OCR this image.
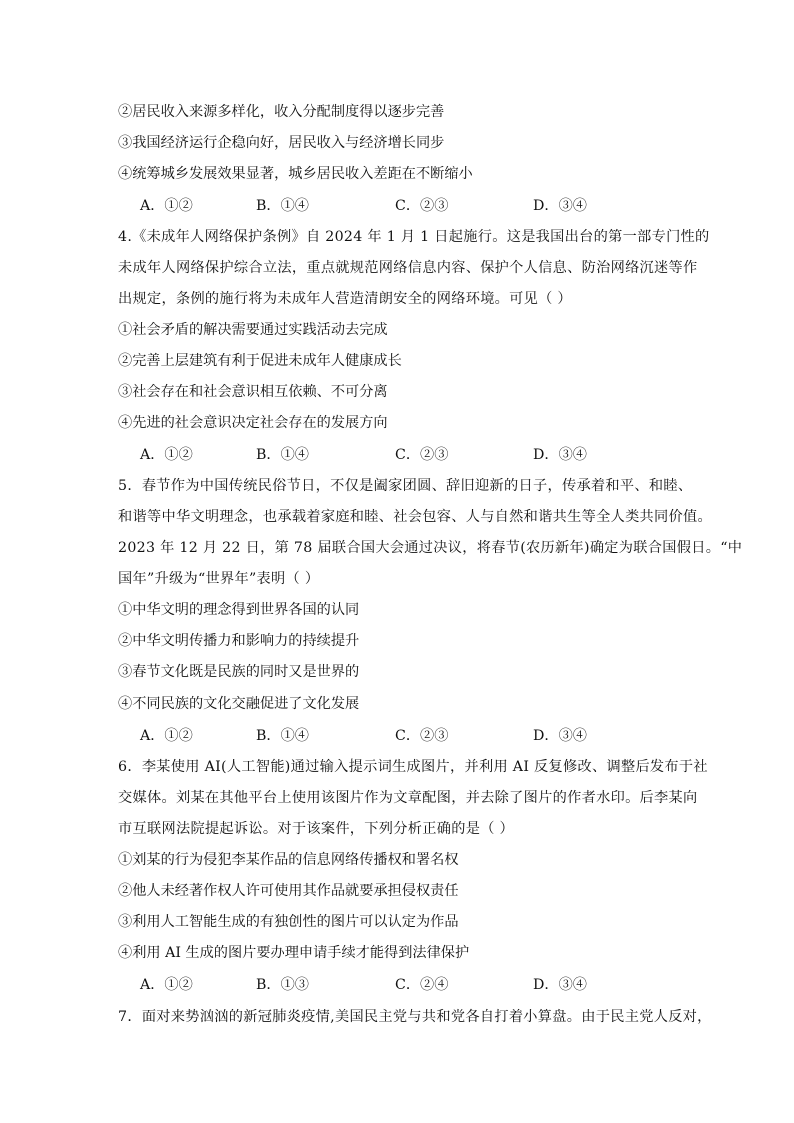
②居民收入来源多样化，收入分配制度得以逐步完善
③我国经济运行企稳向好，居民收入与经济增长同步
④统筹城乡发展效果显著，城乡居民收入差距在不断缩小
A．①②	B．①④	C．②③	D．③④
4.《未成年人网络保护条例》自 2024 年 1 月 1 日起施行。这是我国出台的第一部专门性的
未成年人网络保护综合立法，重点就规范网络信息内容、保护个人信息、防治网络沉迷等作
出规定，条例的施行将为未成年人营造清朗安全的网络环境。可见（ ）
①社会矛盾的解决需要通过实践活动去完成
②完善上层建筑有利于促进未成年人健康成长
③社会存在和社会意识相互依赖、不可分离
④先进的社会意识决定社会存在的发展方向
A．①②	B．①④	C．②③	D．③④
5．春节作为中国传统民俗节日，不仅是阖家团圆、辞旧迎新的日子，传承着和平、和睦、
和谐等中华文明理念，也承载着家庭和睦、社会包容、人与自然和谐共生等全人类共同价值。
2023 年 12 月 22 日，第 78 届联合国大会通过决议，将春节(农历新年)确定为联合国假日。“中
国年”升级为“世界年”表明（ ）
①中华文明的理念得到世界各国的认同
②中华文明传播力和影响力的持续提升
③春节文化既是民族的同时又是世界的
④不同民族的文化交融促进了文化发展
A．①②	B．①④	C．②③	D．③④
6．李某使用 AI(人工智能)通过输入提示词生成图片，并利用 AI 反复修改、调整后发布于社
交媒体。刘某在其他平台上使用该图片作为文章配图，并去除了图片的作者水印。后李某向
市互联网法院提起诉讼。对于该案件，下列分析正确的是（ ）
①刘某的行为侵犯李某作品的信息网络传播权和署名权
②他人未经著作权人许可使用其作品就要承担侵权责任
③利用人工智能生成的有独创性的图片可以认定为作品
④利用 AI 生成的图片要办理申请手续才能得到法律保护
A．①②	B．①③	C．②④	D．③④
7．面对来势汹汹的新冠肺炎疫情,美国民主党与共和党各自打着小算盘。由于民主党人反对，
